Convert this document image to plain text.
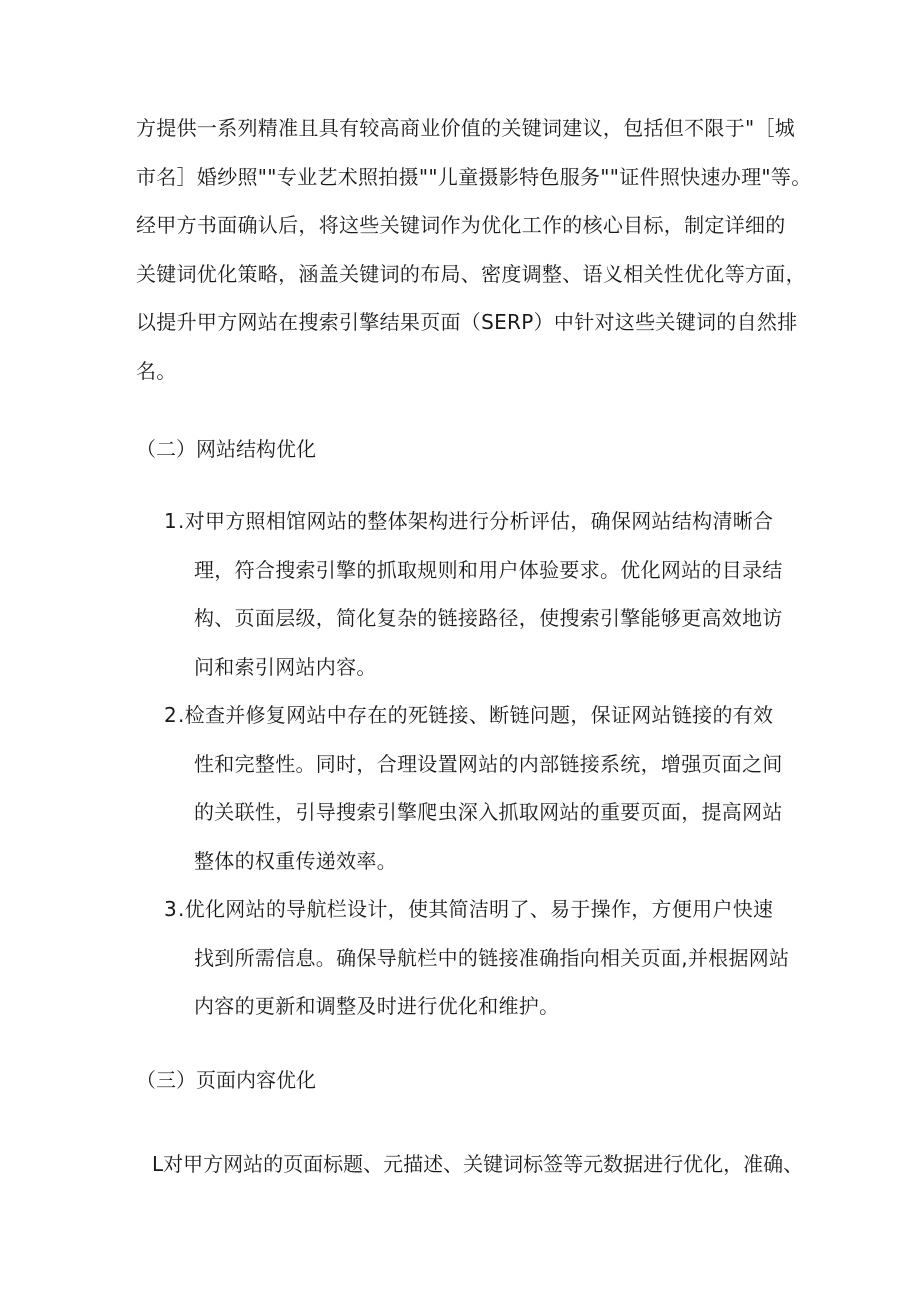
方提供一系列精准且具有较高商业价值的关键词建议，包括但不限于"［城
市名］婚纱照""专业艺术照拍摄""儿童摄影特色服务""证件照快速办理"等。
经甲方书面确认后，将这些关键词作为优化工作的核心目标，制定详细的
关键词优化策略，涵盖关键词的布局、密度调整、语义相关性优化等方面，
以提升甲方网站在搜索引擎结果页面（SERP）中针对这些关键词的自然排
名。
（二）网站结构优化
1 .对甲方照相馆网站的整体架构进行分析评估，确保网站结构清晰合
理，符合搜索引擎的抓取规则和用户体验要求。优化网站的目录结
构、页面层级，简化复杂的链接路径，使搜索引擎能够更高效地访
问和索引网站内容。
2 .检查并修复网站中存在的死链接、断链问题，保证网站链接的有效
性和完整性。同时，合理设置网站的内部链接系统，增强页面之间
的关联性，引导搜索引擎爬虫深入抓取网站的重要页面，提高网站
整体的权重传递效率。
3 .优化网站的导航栏设计，使其简洁明了、易于操作，方便用户快速
找到所需信息。确保导航栏中的链接准确指向相关页面,并根据网站
内容的更新和调整及时进行优化和维护。
（三）页面内容优化
L对甲方网站的页面标题、元描述、关键词标签等元数据进行优化，准确、
